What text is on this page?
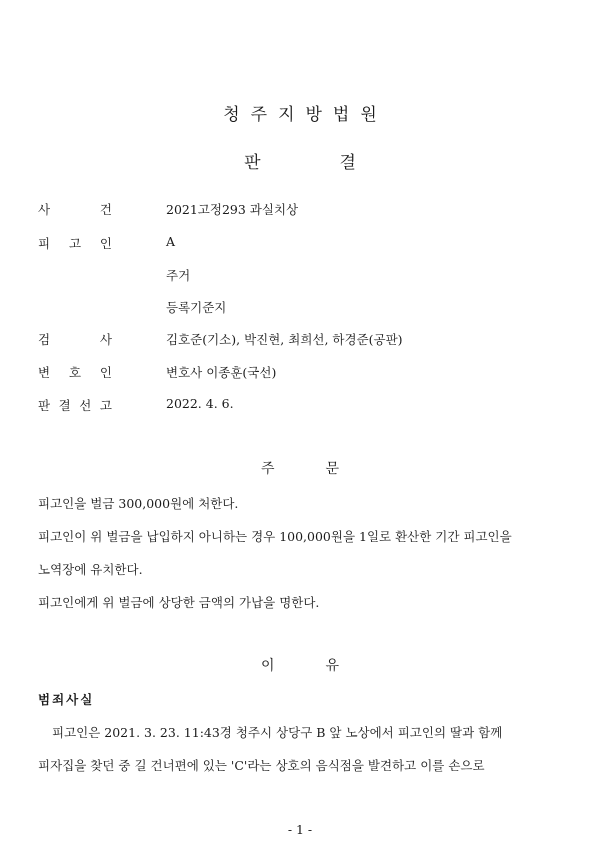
청주지방법원
판	결
사	건	2021고정293 과실치상
피 고 인	A
주거
등록기준지
검	사	김호준(기소), 박진현, 최희선, 하경준(공판)
변 호 인	변호사 이종훈(국선)
판 결 선 고	2022. 4. 6.
주	문
피고인을 벌금 300,000원에 처한다.
피고인이 위 벌금을 납입하지 아니하는 경우 100,000원을 1일로 환산한 기간 피고인을
노역장에 유치한다.
피고인에게 위 벌금에 상당한 금액의 가납을 명한다.
이	유
범죄사실
피고인은 2021. 3. 23. 11:43경 청주시 상당구 B 앞 노상에서 피고인의 딸과 함께
피자집을 찾던 중 길 건너편에 있는 'C'라는 상호의 음식점을 발견하고 이를 손으로
- 1 -
